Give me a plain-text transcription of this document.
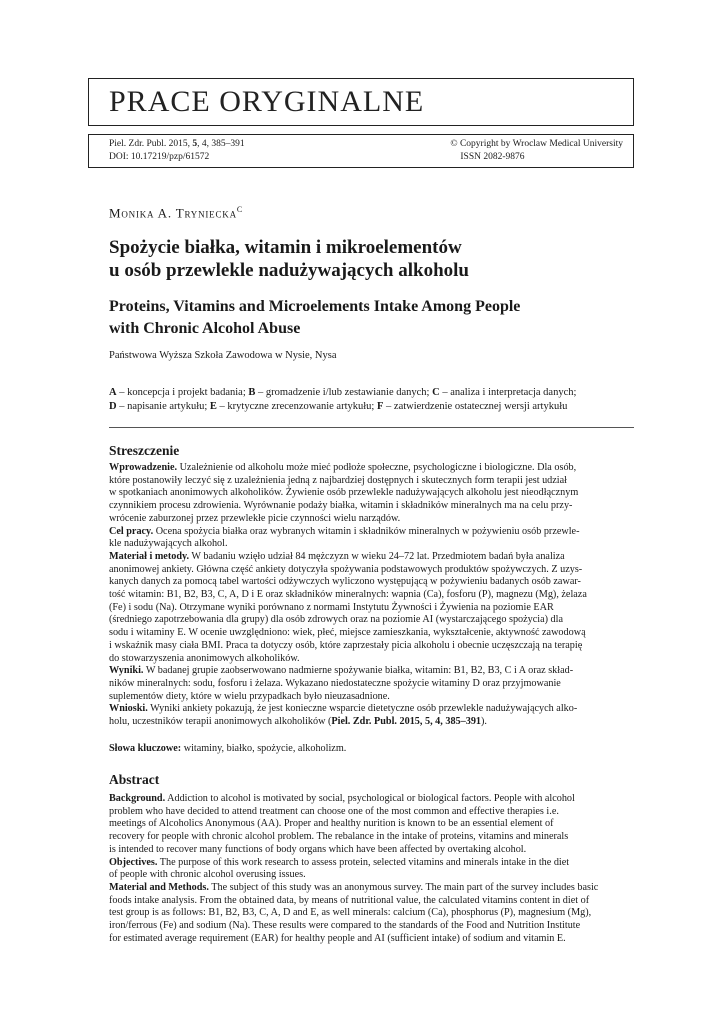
PRACE ORYGINALNE
Piel. Zdr. Publ. 2015, 5, 4, 385–391
DOI: 10.17219/pzp/61572
© Copyright by Wroclaw Medical University
ISSN 2082-9876
Monika A. Trynieckа$^C$
Spożycie białka, witamin i mikroelementów
u osób przewlekle nadużywających alkoholu
Proteins, Vitamins and Microelements Intake Among People
with Chronic Alcohol Abuse
Państwowa Wyższa Szkoła Zawodowa w Nysie, Nysa
A – koncepcja i projekt badania; B – gromadzenie i/lub zestawianie danych; C – analiza i interpretacja danych;
D – napisanie artykułu; E – krytyczne zrecenzowanie artykułu; F – zatwierdzenie ostatecznej wersji artykułu
Streszczenie
Wprowadzenie. Uzależnienie od alkoholu może mieć podłoże społeczne, psychologiczne i biologiczne. Dla osób,
które postanowiły leczyć się z uzależnienia jedną z najbardziej dostępnych i skutecznych form terapii jest udział
w spotkaniach anonimowych alkoholików. Żywienie osób przewlekle nadużywających alkoholu jest nieodłącznym
czynnikiem procesu zdrowienia. Wyrównanie podaży białka, witamin i składników mineralnych ma na celu przy-
wrócenie zaburzonej przez przewlekłe picie czynności wielu narządów.
Cel pracy. Ocena spożycia białka oraz wybranych witamin i składników mineralnych w pożywieniu osób przewle-
kle nadużywających alkohol.
Materiał i metody. W badaniu wzięło udział 84 mężczyzn w wieku 24–72 lat. Przedmiotem badań była analiza
anonimowej ankiety. Główna część ankiety dotyczyła spożywania podstawowych produktów spożywczych. Z uzys-
kanych danych za pomocą tabel wartości odżywczych wyliczono występującą w pożywieniu badanych osób zawar-
tość witamin: B1, B2, B3, C, A, D i E oraz składników mineralnych: wapnia (Ca), fosforu (P), magnezu (Mg), żelaza
(Fe) i sodu (Na). Otrzymane wyniki porównano z normami Instytutu Żywności i Żywienia na poziomie EAR
(średniego zapotrzebowania dla grupy) dla osób zdrowych oraz na poziomie AI (wystarczającego spożycia) dla
sodu i witaminy E. W ocenie uwzględniono: wiek, płeć, miejsce zamieszkania, wykształcenie, aktywność zawodową
i wskaźnik masy ciała BMI. Praca ta dotyczy osób, które zaprzestały picia alkoholu i obecnie uczęszczają na terapię
do stowarzyszenia anonimowych alkoholików.
Wyniki. W badanej grupie zaobserwowano nadmierne spożywanie białka, witamin: B1, B2, B3, C i A oraz skład-
ników mineralnych: sodu, fosforu i żelaza. Wykazano niedostateczne spożycie witaminy D oraz przyjmowanie
suplementów diety, które w wielu przypadkach było nieuzasadnione.
Wnioski. Wyniki ankiety pokazują, że jest konieczne wsparcie dietetyczne osób przewlekle nadużywających alko-
holu, uczestników terapii anonimowych alkoholików (Piel. Zdr. Publ. 2015, 5, 4, 385–391).
Słowa kluczowe: witaminy, białko, spożycie, alkoholizm.
Abstract
Background. Addiction to alcohol is motivated by social, psychological or biological factors. People with alcohol
problem who have decided to attend treatment can choose one of the most common and effective therapies i.e.
meetings of Alcoholics Anonymous (AA). Proper and healthy nurition is known to be an essential element of
recovery for people with chronic alcohol problem. The rebalance in the intake of proteins, vitamins and minerals
is intended to recover many functions of body organs which have been affected by overtaking alcohol.
Objectives. The purpose of this work research to assess protein, selected vitamins and minerals intake in the diet
of people with chronic alcohol overusing issues.
Material and Methods. The subject of this study was an anonymous survey. The main part of the survey includes basic
foods intake analysis. From the obtained data, by means of nutritional value, the calculated vitamins content in diet of
test group is as follows: B1, B2, B3, C, A, D and E, as well minerals: calcium (Ca), phosphorus (P), magnesium (Mg),
iron/ferrous (Fe) and sodium (Na). These results were compared to the standards of the Food and Nutrition Institute
for estimated average requirement (EAR) for healthy people and AI (sufficient intake) of sodium and vitamin E.
